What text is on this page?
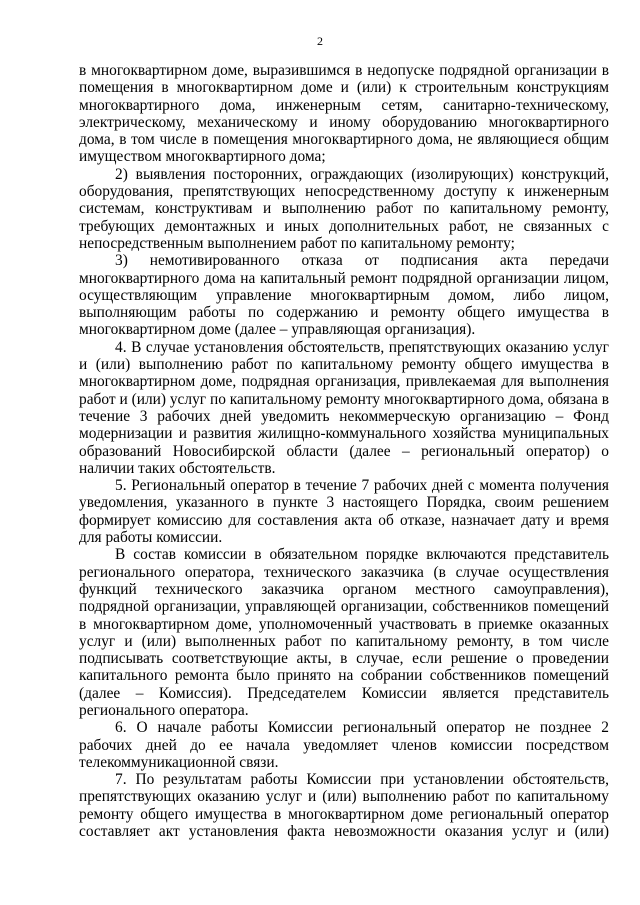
2

в многоквартирном доме, выразившимся в недопуске подрядной организации в помещения в многоквартирном доме и (или) к строительным конструкциям многоквартирного дома, инженерным сетям, санитарно-техническому, электрическому, механическому и иному оборудованию многоквартирного дома, в том числе в помещения многоквартирного дома, не являющиеся общим имуществом многоквартирного дома;

2) выявления посторонних, ограждающих (изолирующих) конструкций, оборудования, препятствующих непосредственному доступу к инженерным системам, конструктивам и выполнению работ по капитальному ремонту, требующих демонтажных и иных дополнительных работ, не связанных с непосредственным выполнением работ по капитальному ремонту;

3) немотивированного отказа от подписания акта передачи многоквартирного дома на капитальный ремонт подрядной организации лицом, осуществляющим управление многоквартирным домом, либо лицом, выполняющим работы по содержанию и ремонту общего имущества в многоквартирном доме (далее – управляющая организация).

4. В случае установления обстоятельств, препятствующих оказанию услуг и (или) выполнению работ по капитальному ремонту общего имущества в многоквартирном доме, подрядная организация, привлекаемая для выполнения работ и (или) услуг по капитальному ремонту многоквартирного дома, обязана в течение 3 рабочих дней уведомить некоммерческую организацию – Фонд модернизации и развития жилищно-коммунального хозяйства муниципальных образований Новосибирской области (далее – региональный оператор) о наличии таких обстоятельств.

5. Региональный оператор в течение 7 рабочих дней с момента получения уведомления, указанного в пункте 3 настоящего Порядка, своим решением формирует комиссию для составления акта об отказе, назначает дату и время для работы комиссии.

В состав комиссии в обязательном порядке включаются представитель регионального оператора, технического заказчика (в случае осуществления функций технического заказчика органом местного самоуправления), подрядной организации, управляющей организации, собственников помещений в многоквартирном доме, уполномоченный участвовать в приемке оказанных услуг и (или) выполненных работ по капитальному ремонту, в том числе подписывать соответствующие акты, в случае, если решение о проведении капитального ремонта было принято на собрании собственников помещений (далее – Комиссия). Председателем Комиссии является представитель регионального оператора.

6. О начале работы Комиссии региональный оператор не позднее 2 рабочих дней до ее начала уведомляет членов комиссии посредством телекоммуникационной связи.

7. По результатам работы Комиссии при установлении обстоятельств, препятствующих оказанию услуг и (или) выполнению работ по капитальному ремонту общего имущества в многоквартирном доме региональный оператор составляет акт установления факта невозможности оказания услуг и (или)
